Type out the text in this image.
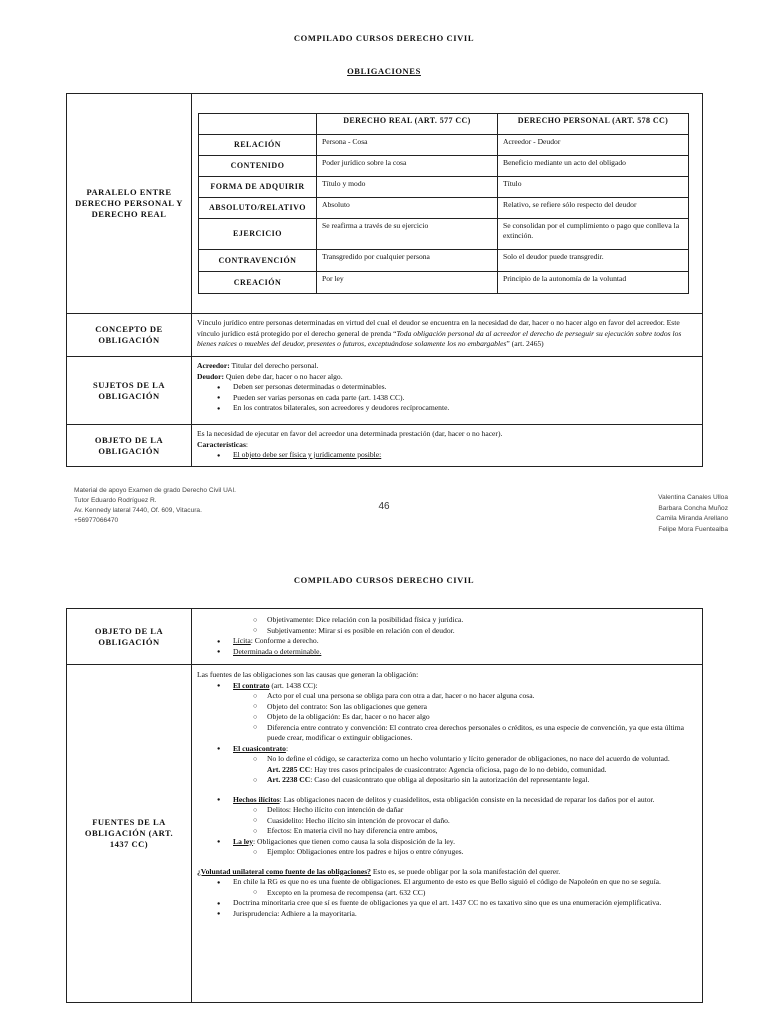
COMPILADO CURSOS DERECHO CIVIL
OBLIGACIONES
PARALELO ENTRE DERECHO PERSONAL Y DERECHO REAL
	DERECHO REAL (ART. 577 CC)	DERECHO PERSONAL (ART. 578 CC)
RELACIÓN	Persona - Cosa	Acreedor - Deudor
CONTENIDO	Poder jurídico sobre la cosa	Beneficio mediante un acto del obligado
FORMA DE ADQUIRIR	Título y modo	Título
ABSOLUTO/RELATIVO	Absoluto	Relativo, se refiere sólo respecto del deudor
EJERCICIO	Se reafirma a través de su ejercicio	Se consolidan por el cumplimiento o pago que conlleva la extinción.
CONTRAVENCIÓN	Transgredido por cualquier persona	Solo el deudor puede transgredir.
CREACIÓN	Por ley	Principio de la autonomía de la voluntad
CONCEPTO DE OBLIGACIÓN
Vínculo jurídico entre personas determinadas en virtud del cual el deudor se encuentra en la necesidad de dar, hacer o no hacer algo en favor del acreedor. Este vínculo jurídico está protegido por el derecho general de prenda “Toda obligación personal da al acreedor el derecho de perseguir su ejecución sobre todos los bienes raíces o muebles del deudor, presentes o futuros, exceptuándose solamente los no embargables” (art. 2465)
SUJETOS DE LA OBLIGACIÓN
Acreedor: Titular del derecho personal.
Deudor: Quien debe dar, hacer o no hacer algo.
● Deben ser personas determinadas o determinables.
● Pueden ser varias personas en cada parte (art. 1438 CC).
● En los contratos bilaterales, son acreedores y deudores recíprocamente.
OBJETO DE LA OBLIGACIÓN
Es la necesidad de ejecutar en favor del acreedor una determinada prestación (dar, hacer o no hacer).
Características:
● El objeto debe ser física y jurídicamente posible:
Material de apoyo Examen de grado Derecho Civil UAI.
Tutor Eduardo Rodríguez R.
Av. Kennedy lateral 7440, Of. 609, Vitacura.
+56977066470
46
Valentina Canales Ulloa
Barbara Concha Muñoz
Camila Miranda Arellano
Felipe Mora Fuentealba
COMPILADO CURSOS DERECHO CIVIL
OBJETO DE LA OBLIGACIÓN
○ Objetivamente: Dice relación con la posibilidad física y jurídica.
○ Subjetivamente: Mirar si es posible en relación con el deudor.
● Lícita: Conforme a derecho.
● Determinada o determinable.
FUENTES DE LA OBLIGACIÓN (ART. 1437 CC)
Las fuentes de las obligaciones son las causas que generan la obligación:
● El contrato (art. 1438 CC):
○ Acto por el cual una persona se obliga para con otra a dar, hacer o no hacer alguna cosa.
○ Objeto del contrato: Son las obligaciones que genera
○ Objeto de la obligación: Es dar, hacer o no hacer algo
○ Diferencia entre contrato y convención: El contrato crea derechos personales o créditos, es una especie de convención, ya que esta última puede crear, modificar o extinguir obligaciones.
● El cuasicontrato:
○ No lo define el código, se caracteriza como un hecho voluntario y lícito generador de obligaciones, no nace del acuerdo de voluntad.
Art. 2285 CC: Hay tres casos principales de cuasicontrato: Agencia oficiosa, pago de lo no debido, comunidad.
○ Art. 2238 CC: Caso del cuasicontrato que obliga al depositario sin la autorización del representante legal.
● Hechos ilícitos: Las obligaciones nacen de delitos y cuasidelitos, esta obligación consiste en la necesidad de reparar los daños por el autor.
○ Delitos: Hecho ilícito con intención de dañar
○ Cuasidelito: Hecho ilícito sin intención de provocar el daño.
○ Efectos: En materia civil no hay diferencia entre ambos,
● La ley: Obligaciones que tienen como causa la sola disposición de la ley.
○ Ejemplo: Obligaciones entre los padres e hijos o entre cónyuges.
¿Voluntad unilateral como fuente de las obligaciones? Esto es, se puede obligar por la sola manifestación del querer.
● En chile la RG es que no es una fuente de obligaciones. El argumento de esto es que Bello siguió el código de Napoleón en que no se seguía.
○ Excepto en la promesa de recompensa (art. 632 CC)
● Doctrina minoritaria cree que sí es fuente de obligaciones ya que el art. 1437 CC no es taxativo sino que es una enumeración ejemplificativa.
● Jurisprudencia: Adhiere a la mayoritaria.
